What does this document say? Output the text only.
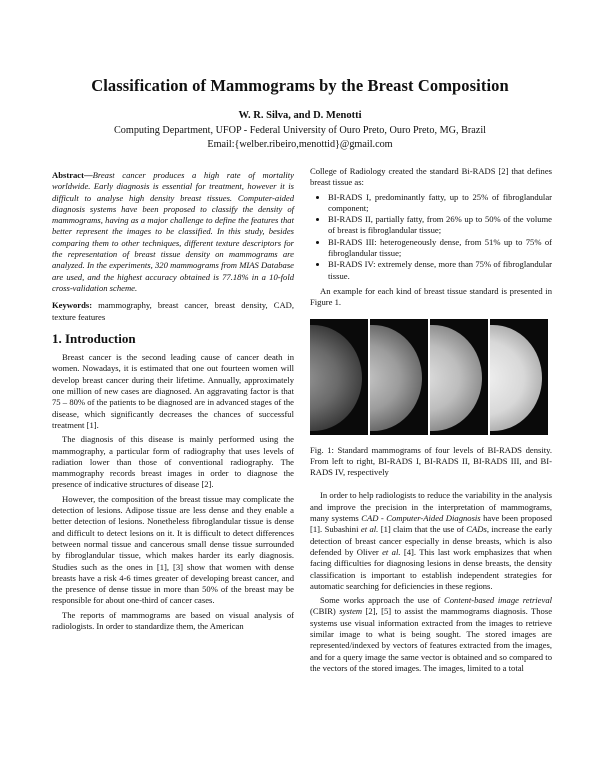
Classification of Mammograms by the Breast Composition
W. R. Silva, and D. Menotti
Computing Department, UFOP - Federal University of Ouro Preto, Ouro Preto, MG, Brazil
Email:{welber.ribeiro,menottid}@gmail.com

Abstract—Breast cancer produces a high rate of mortality worldwide. Early diagnosis is essential for treatment, however it is difficult to analyse high density breast tissues. Computer-aided diagnosis systems have been proposed to classify the density of mammograms, having as a major challenge to define the features that better represent the images to be classified. In this study, besides comparing them to other techniques, different texture descriptors for the representation of breast tissue density on mammograms are analyzed. In the experiments, 320 mammograms from MIAS Database are used, and the highest accuracy obtained is 77.18% in a 10-fold cross-validation scheme.

Keywords: mammography, breast cancer, breast density, CAD, texture features

1. Introduction

Breast cancer is the second leading cause of cancer death in women. Nowadays, it is estimated that one out fourteen women will develop breast cancer during their lifetime. Annually, approximately one million of new cases are diagnosed. An aggravating factor is that 75 – 80% of the patients to be diagnosed are in advanced stages of the disease, which significantly decreases the chances of successful treatment [1].

The diagnosis of this disease is mainly performed using the mammography, a particular form of radiography that uses levels of radiation lower than those of conventional radiography. The mammography records breast images in order to diagnose the presence of indicative structures of disease [2].

However, the composition of the breast tissue may complicate the detection of lesions. Adipose tissue are less dense and they enable a better detection of lesions. Nonetheless fibroglandular tissue is dense and difficult to detect lesions on it. It is difficult to detect differences between normal tissue and cancerous small dense tissue surrounded by fibroglandular tissue, which makes harder its early diagnosis. Studies such as the ones in [1], [3] show that women with dense breasts have a risk 4-6 times greater of developing breast cancer, and the presence of dense tissue in more than 50% of the breast may be responsible for about one-third of cancer cases.

The reports of mammograms are based on visual analysis of radiologists. In order to standardize them, the American

College of Radiology created the standard Bi-RADS [2] that defines breast tissue as:

• BI-RADS I, predominantly fatty, up to 25% of fibroglandular component;
• BI-RADS II, partially fatty, from 26% up to 50% of the volume of breast is fibroglandular tissue;
• BI-RADS III: heterogeneously dense, from 51% up to 75% of fibroglandular tissue;
• BI-RADS IV: extremely dense, more than 75% of fibroglandular tissue.

An example for each kind of breast tissue standard is presented in Figure 1.

Fig. 1: Standard mammograms of four levels of BI-RADS density. From left to right, BI-RADS I, BI-RADS II, BI-RADS III, and BI-RADS IV, respectively

In order to help radiologists to reduce the variability in the analysis and improve the precision in the interpretation of mammograms, many systems CAD - Computer-Aided Diagnosis have been proposed [1]. Subashini et al. [1] claim that the use of CADs, increase the early detection of breast cancer especially in dense breasts, which is also defended by Oliver et al. [4]. This last work emphasizes that when facing difficulties for diagnosing lesions in dense breasts, the density classification is important to establish independent strategies for automatic searching for deficiencies in these regions.

Some works approach the use of Content-based image retrieval (CBIR) system [2], [5] to assist the mammograms diagnosis. Those systems use visual information extracted from the images to retrieve similar image to what is being sought. The stored images are represented/indexed by vectors of features extracted from the images, and for a query image the same vector is obtained and so compared to the vectors of the stored images. The images, limited to a total
